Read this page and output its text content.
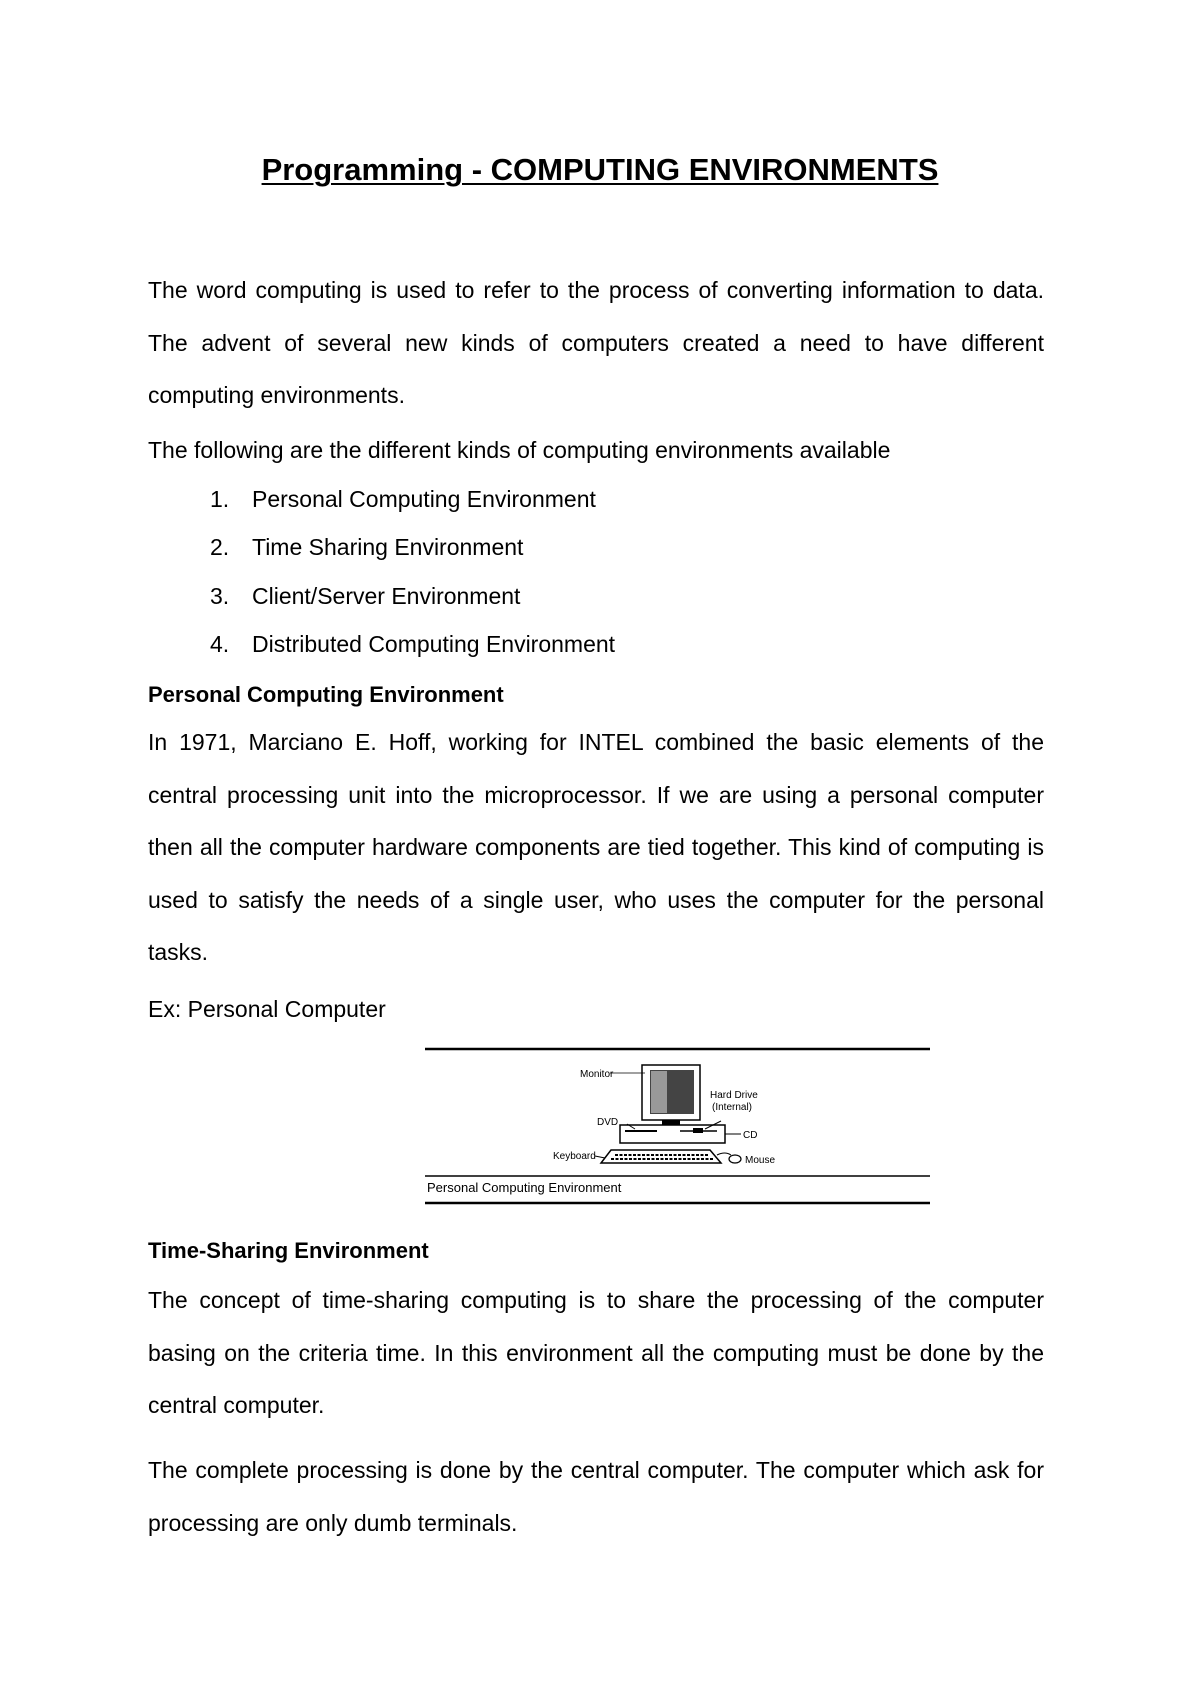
Programming - COMPUTING ENVIRONMENTS

The word computing is used to refer to the process of converting information to data. The advent of several new kinds of computers created a need to have different computing environments.

The following are the different kinds of computing environments available

1. Personal Computing Environment
2. Time Sharing Environment
3. Client/Server Environment
4. Distributed Computing Environment
Personal Computing Environment

In 1971, Marciano E. Hoff, working for INTEL combined the basic elements of the central processing unit into the microprocessor. If we are using a personal computer then all the computer hardware components are tied together. This kind of computing is used to satisfy the needs of a single user, who uses the computer for the personal tasks.

Ex: Personal Computer

Monitor
Hard Drive
(Internal)
DVD
CD
Keyboard	Mouse
Personal Computing Environment
Time-Sharing Environment

The concept of time-sharing computing is to share the processing of the computer basing on the criteria time. In this environment all the computing must be done by the central computer.

The complete processing is done by the central computer. The computer which ask for processing are only dumb terminals.
